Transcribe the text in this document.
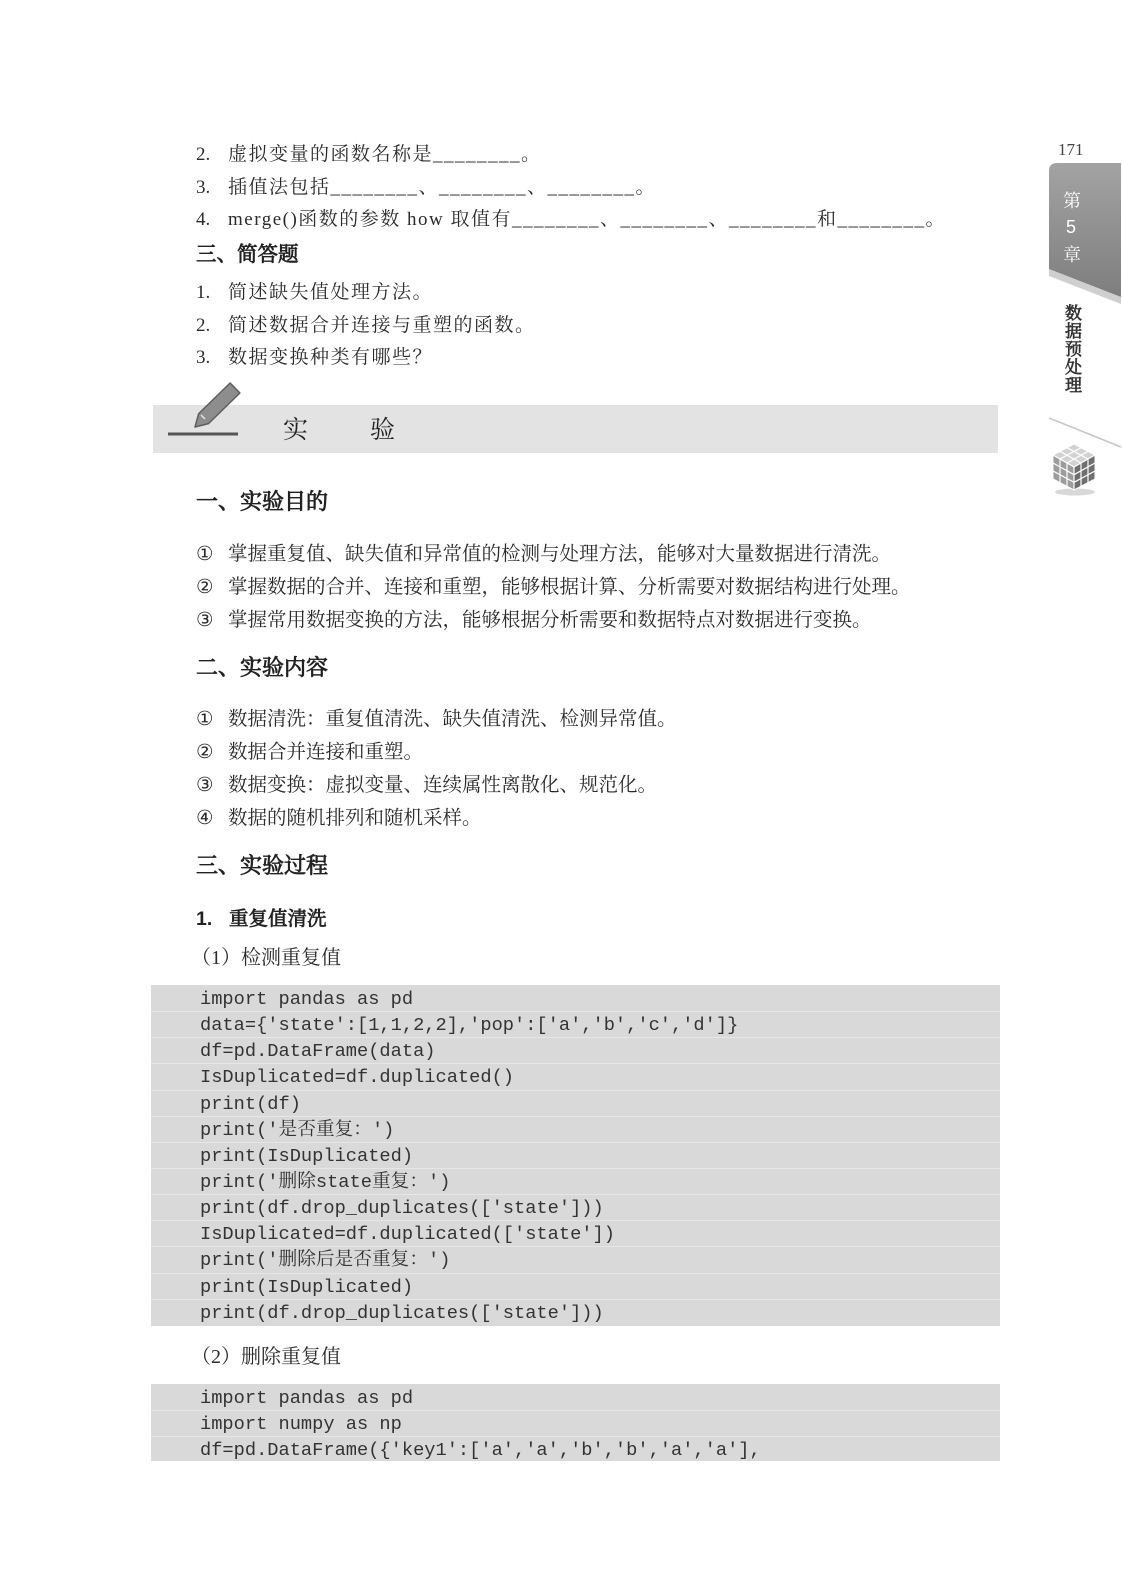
171
第5章
数据预处理
2. 虚拟变量的函数名称是________。
3. 插值法包括________、________、________。
4. merge()函数的参数 how 取值有________、________、________和________。
三、简答题
1. 简述缺失值处理方法。
2. 简述数据合并连接与重塑的函数。
3. 数据变换种类有哪些？
实　　验
一、实验目的
① 掌握重复值、缺失值和异常值的检测与处理方法，能够对大量数据进行清洗。
② 掌握数据的合并、连接和重塑，能够根据计算、分析需要对数据结构进行处理。
③ 掌握常用数据变换的方法，能够根据分析需要和数据特点对数据进行变换。
二、实验内容
① 数据清洗：重复值清洗、缺失值清洗、检测异常值。
② 数据合并连接和重塑。
③ 数据变换：虚拟变量、连续属性离散化、规范化。
④ 数据的随机排列和随机采样。
三、实验过程
1. 重复值清洗
（1）检测重复值
import pandas as pd
data={'state':[1,1,2,2],'pop':['a','b','c','d']}
df=pd.DataFrame(data)
IsDuplicated=df.duplicated()
print(df)
print('是否重复：')
print(IsDuplicated)
print('删除state重复：')
print(df.drop_duplicates(['state']))
IsDuplicated=df.duplicated(['state'])
print('删除后是否重复：')
print(IsDuplicated)
print(df.drop_duplicates(['state']))
（2）删除重复值
import pandas as pd
import numpy as np
df=pd.DataFrame({'key1':['a','a','b','b','a','a'],
